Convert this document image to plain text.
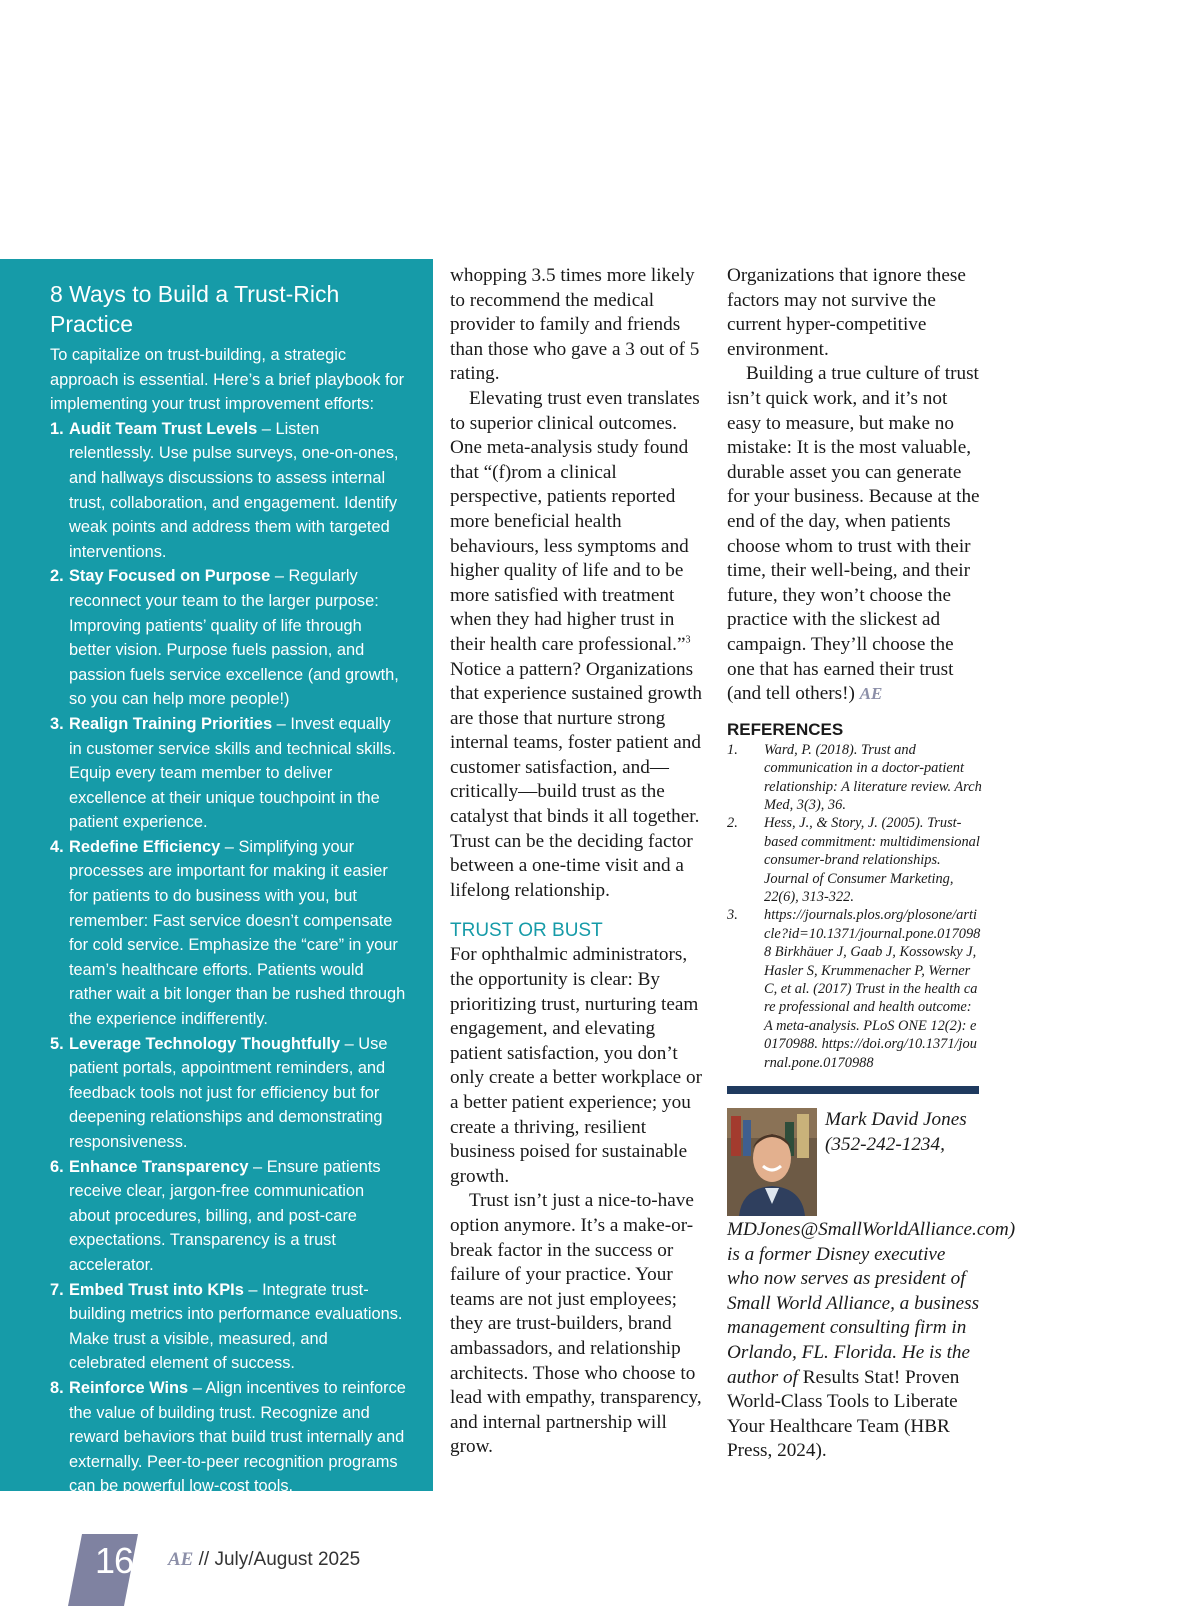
8 Ways to Build a Trust-Rich Practice

To capitalize on trust-building, a strategic approach is essential. Here’s a brief playbook for implementing your trust improvement efforts:

1. Audit Team Trust Levels – Listen relentlessly. Use pulse surveys, one-on-ones, and hallways discussions to assess internal trust, collaboration, and engagement. Identify weak points and address them with targeted interventions.
2. Stay Focused on Purpose – Regularly reconnect your team to the larger purpose: Improving patients’ quality of life through better vision. Purpose fuels passion, and passion fuels service excellence (and growth, so you can help more people!)
3. Realign Training Priorities – Invest equally in customer service skills and technical skills. Equip every team member to deliver excellence at their unique touchpoint in the patient experience.
4. Redefine Efficiency – Simplifying your processes are important for making it easier for patients to do business with you, but remember: Fast service doesn’t compensate for cold service. Emphasize the “care” in your team’s healthcare efforts. Patients would rather wait a bit longer than be rushed through the experience indifferently.
5. Leverage Technology Thoughtfully – Use patient portals, appointment reminders, and feedback tools not just for efficiency but for deepening relationships and demonstrating responsiveness.
6. Enhance Transparency – Ensure patients receive clear, jargon-free communication about procedures, billing, and post-care expectations. Transparency is a trust accelerator.
7. Embed Trust into KPIs – Integrate trust-building metrics into performance evaluations. Make trust a visible, measured, and celebrated element of success.
8. Reinforce Wins – Align incentives to reinforce the value of building trust. Recognize and reward behaviors that build trust internally and externally. Peer-to-peer recognition programs can be powerful low-cost tools.

whopping 3.5 times more likely to recommend the medical provider to family and friends than those who gave a 3 out of 5 rating.

Elevating trust even translates to superior clinical outcomes. One meta-analysis study found that “(f)rom a clinical perspective, patients reported more beneficial health behaviours, less symptoms and higher quality of life and to be more satisfied with treatment when they had higher trust in their health care professional.”$^3$ Notice a pattern? Organizations that experience sustained growth are those that nurture strong internal teams, foster patient and customer satisfaction, and—critically—build trust as the catalyst that binds it all together. Trust can be the deciding factor between a one-time visit and a lifelong relationship.

TRUST OR BUST

For ophthalmic administrators, the opportunity is clear: By prioritizing trust, nurturing team engagement, and elevating patient satisfaction, you don’t only create a better workplace or a better patient experience; you create a thriving, resilient business poised for sustainable growth.

Trust isn’t just a nice-to-have option anymore. It’s a make-or-break factor in the success or failure of your practice. Your teams are not just employees; they are trust-builders, brand ambassadors, and relationship architects. Those who choose to lead with empathy, transparency, and internal partnership will grow.

Organizations that ignore these factors may not survive the current hyper-competitive environment.

Building a true culture of trust isn’t quick work, and it’s not easy to measure, but make no mistake: It is the most valuable, durable asset you can generate for your business. Because at the end of the day, when patients choose whom to trust with their time, their well-being, and their future, they won’t choose the practice with the slickest ad campaign. They’ll choose the one that has earned their trust (and tell others!) AE

REFERENCES
1. Ward, P. (2018). Trust and communication in a doctor-patient relationship: A literature review. Arch Med, 3(3), 36.
2. Hess, J., & Story, J. (2005). Trust-based commitment: multidimensional consumer-brand relationships. Journal of Consumer Marketing, 22(6), 313-322.
3. https://journals.plos.org/plosone/article?id=10.1371/journal.pone.0170988 Birkhäuer J, Gaab J, Kossowsky J, Hasler S, Krummenacher P, Werner C, et al. (2017) Trust in the health care professional and health outcome: A meta-analysis. PLoS ONE 12(2): e0170988. https://doi.org/10.1371/journal.pone.0170988
Mark David Jones (352-242-1234, MDJones@SmallWorldAlliance.com) is a former Disney executive who now serves as president of Small World Alliance, a business management consulting firm in Orlando, FL. Florida. He is the author of Results Stat! Proven World-Class Tools to Liberate Your Healthcare Team (HBR Press, 2024).
16 AE // July/August 2025
